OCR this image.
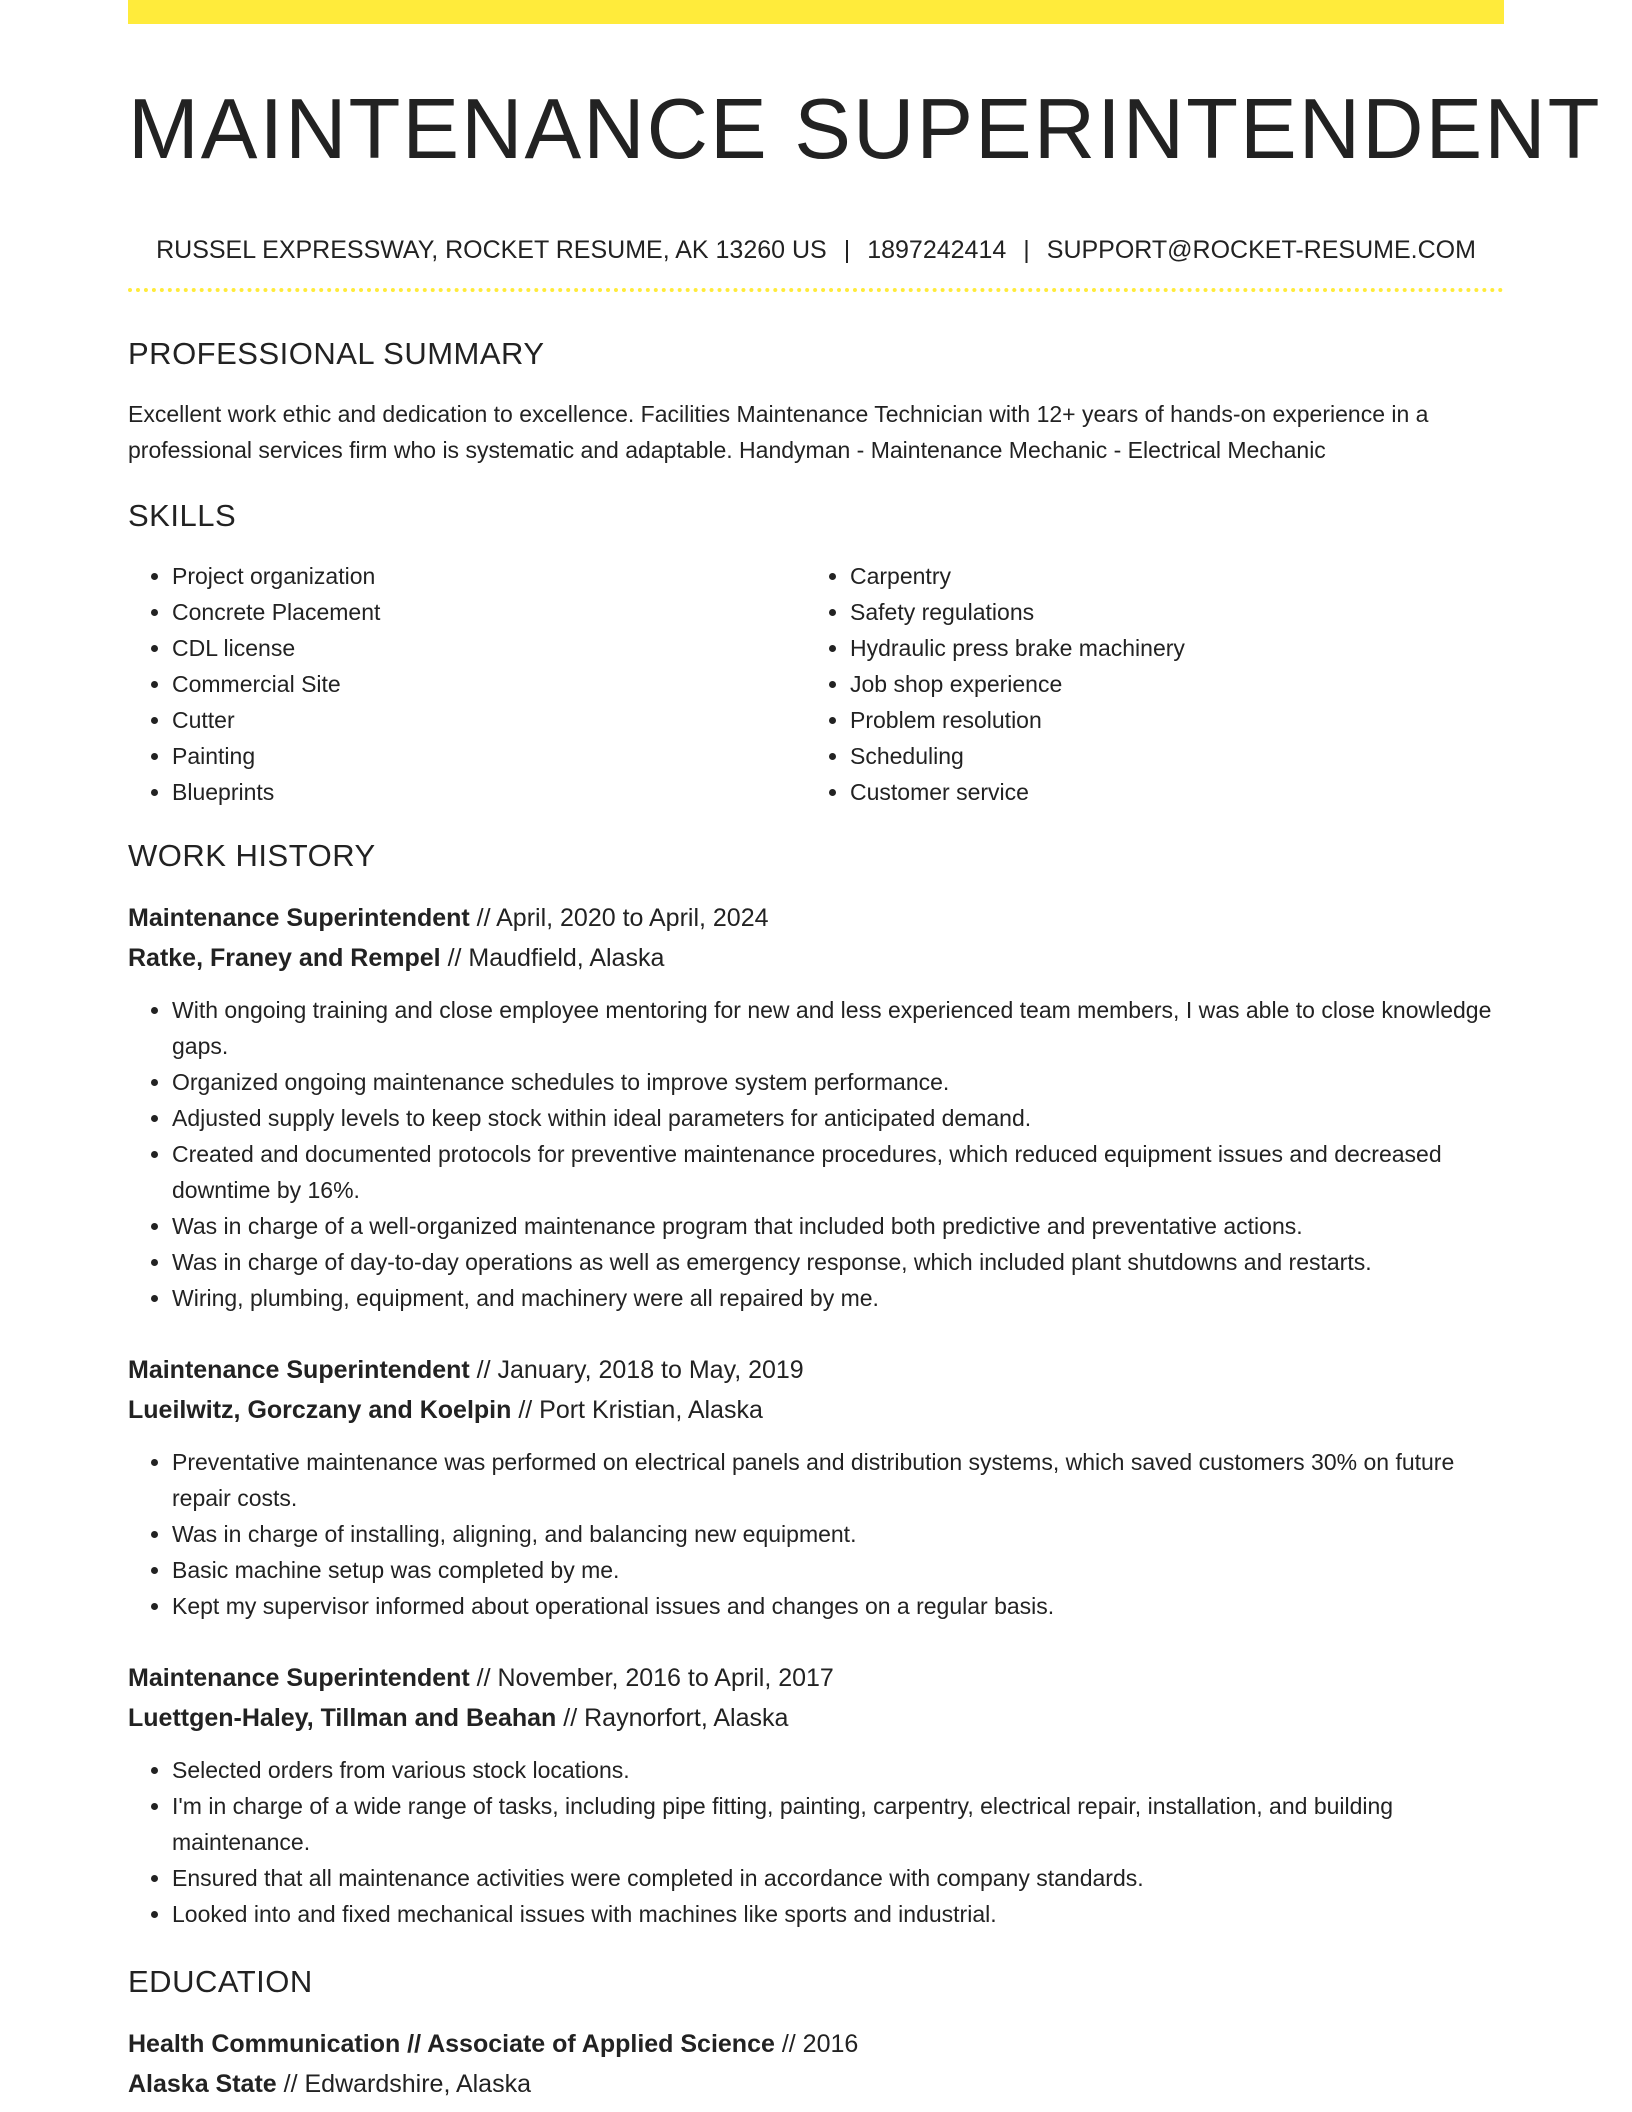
MAINTENANCE SUPERINTENDENT
RUSSEL EXPRESSWAY, ROCKET RESUME, AK 13260 US | 1897242414 | SUPPORT@ROCKET-RESUME.COM
PROFESSIONAL SUMMARY

Excellent work ethic and dedication to excellence. Facilities Maintenance Technician with 12+ years of hands-on experience in a professional services firm who is systematic and adaptable. Handyman - Maintenance Mechanic - Electrical Mechanic

SKILLS
• Project organization
• Concrete Placement
• CDL license
• Commercial Site
• Cutter
• Painting
• Blueprints
• Carpentry
• Safety regulations
• Hydraulic press brake machinery
• Job shop experience
• Problem resolution
• Scheduling
• Customer service
WORK HISTORY
Maintenance Superintendent // April, 2020 to April, 2024
Ratke, Franey and Rempel // Maudfield, Alaska
• With ongoing training and close employee mentoring for new and less experienced team members, I was able to close knowledge gaps.
• Organized ongoing maintenance schedules to improve system performance.
• Adjusted supply levels to keep stock within ideal parameters for anticipated demand.
• Created and documented protocols for preventive maintenance procedures, which reduced equipment issues and decreased downtime by 16%.
• Was in charge of a well-organized maintenance program that included both predictive and preventative actions.
• Was in charge of day-to-day operations as well as emergency response, which included plant shutdowns and restarts.
• Wiring, plumbing, equipment, and machinery were all repaired by me.
Maintenance Superintendent // January, 2018 to May, 2019
Lueilwitz, Gorczany and Koelpin // Port Kristian, Alaska
• Preventative maintenance was performed on electrical panels and distribution systems, which saved customers 30% on future repair costs.
• Was in charge of installing, aligning, and balancing new equipment.
• Basic machine setup was completed by me.
• Kept my supervisor informed about operational issues and changes on a regular basis.
Maintenance Superintendent // November, 2016 to April, 2017
Luettgen-Haley, Tillman and Beahan // Raynorfort, Alaska
• Selected orders from various stock locations.
• I'm in charge of a wide range of tasks, including pipe fitting, painting, carpentry, electrical repair, installation, and building maintenance.
• Ensured that all maintenance activities were completed in accordance with company standards.
• Looked into and fixed mechanical issues with machines like sports and industrial.
EDUCATION
Health Communication // Associate of Applied Science // 2016
Alaska State // Edwardshire, Alaska
